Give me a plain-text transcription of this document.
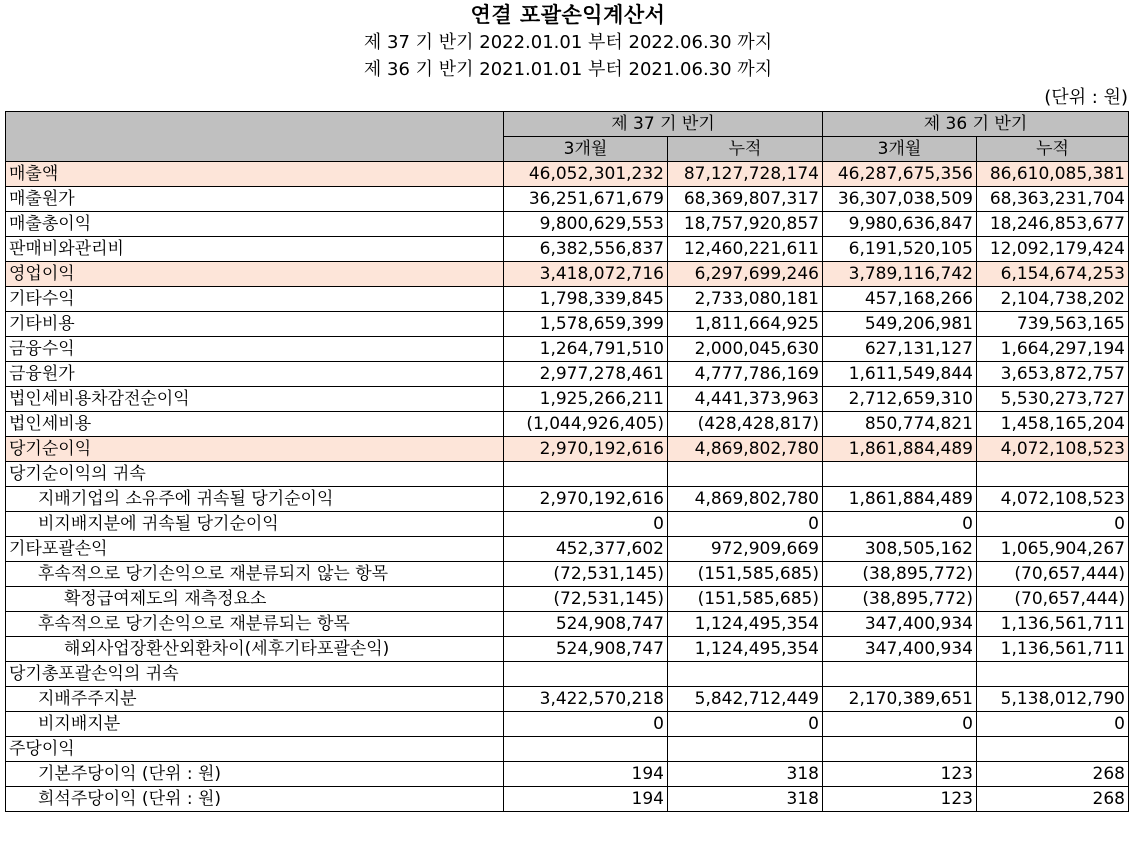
연결 포괄손익계산서
제 37 기 반기 2022.01.01 부터 2022.06.30 까지
제 36 기 반기 2021.01.01 부터 2021.06.30 까지
(단위 : 원)
	제 37 기 반기		제 36 기 반기	
	3개월	누적	3개월	누적
매출액	46,052,301,232	87,127,728,174	46,287,675,356	86,610,085,381
매출원가	36,251,671,679	68,369,807,317	36,307,038,509	68,363,231,704
매출총이익	9,800,629,553	18,757,920,857	9,980,636,847	18,246,853,677
판매비와관리비	6,382,556,837	12,460,221,611	6,191,520,105	12,092,179,424
영업이익	3,418,072,716	6,297,699,246	3,789,116,742	6,154,674,253
기타수익	1,798,339,845	2,733,080,181	457,168,266	2,104,738,202
기타비용	1,578,659,399	1,811,664,925	549,206,981	739,563,165
금융수익	1,264,791,510	2,000,045,630	627,131,127	1,664,297,194
금융원가	2,977,278,461	4,777,786,169	1,611,549,844	3,653,872,757
법인세비용차감전순이익	1,925,266,211	4,441,373,963	2,712,659,310	5,530,273,727
법인세비용	(1,044,926,405)	(428,428,817)	850,774,821	1,458,165,204
당기순이익	2,970,192,616	4,869,802,780	1,861,884,489	4,072,108,523
당기순이익의 귀속				
지배기업의 소유주에 귀속될 당기순이익	2,970,192,616	4,869,802,780	1,861,884,489	4,072,108,523
비지배지분에 귀속될 당기순이익	0	0	0	0
기타포괄손익	452,377,602	972,909,669	308,505,162	1,065,904,267
후속적으로 당기손익으로 재분류되지 않는 항목	(72,531,145)	(151,585,685)	(38,895,772)	(70,657,444)
확정급여제도의 재측정요소	(72,531,145)	(151,585,685)	(38,895,772)	(70,657,444)
후속적으로 당기손익으로 재분류되는 항목	524,908,747	1,124,495,354	347,400,934	1,136,561,711
해외사업장환산외환차이(세후기타포괄손익)	524,908,747	1,124,495,354	347,400,934	1,136,561,711
당기총포괄손익의 귀속				
지배주주지분	3,422,570,218	5,842,712,449	2,170,389,651	5,138,012,790
비지배지분	0	0	0	0
주당이익				
기본주당이익 (단위 : 원)	194	318	123	268
희석주당이익 (단위 : 원)	194	318	123	268
